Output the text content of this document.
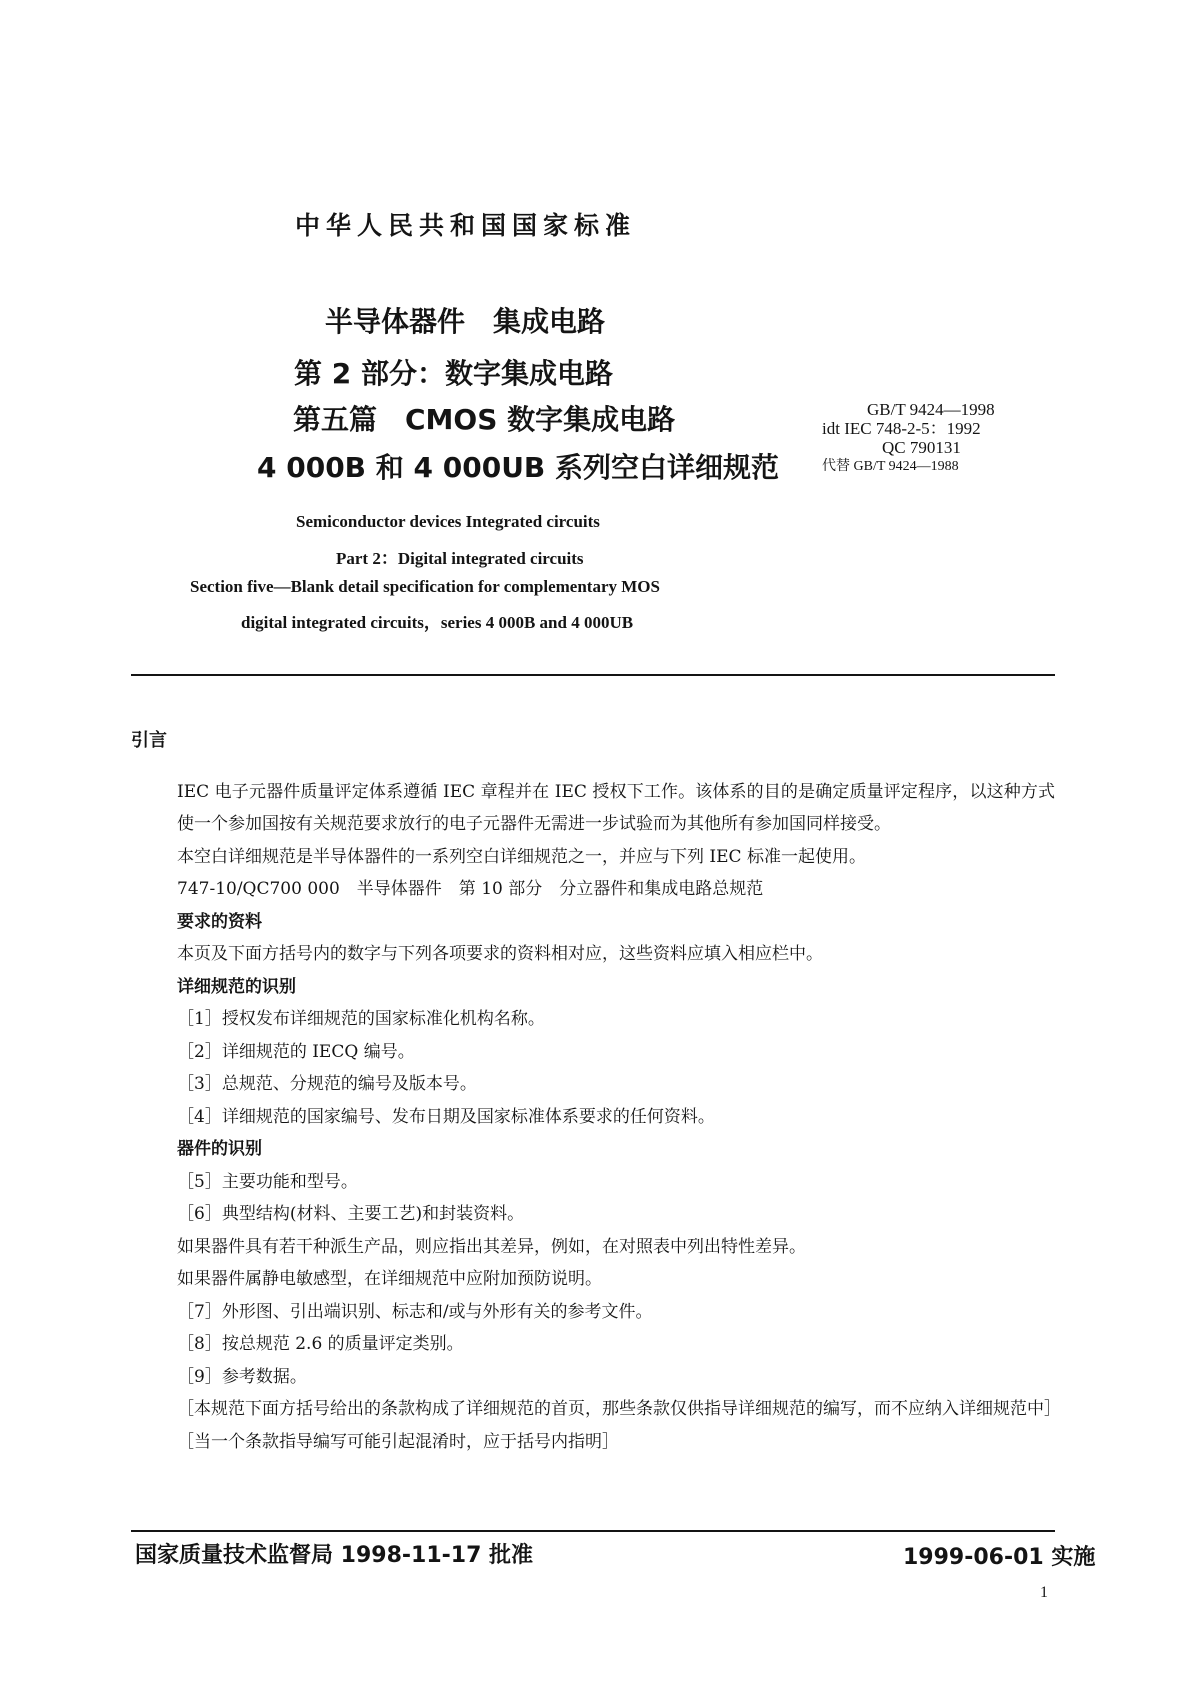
中华人民共和国国家标准
半导体器件　集成电路
第 2 部分：数字集成电路
第五篇　CMOS 数字集成电路
4 000B 和 4 000UB 系列空白详细规范
GB/T 9424—1998
idt IEC 748-2-5：1992
QC 790131
代替 GB/T 9424—1988
Semiconductor devices Integrated circuits
Part 2：Digital integrated circuits
Section five—Blank detail specification for complementary MOS
digital integrated circuits，series 4 000B and 4 000UB

引言

IEC 电子元器件质量评定体系遵循 IEC 章程并在 IEC 授权下工作。该体系的目的是确定质量评定程序，以这种方式使一个参加国按有关规范要求放行的电子元器件无需进一步试验而为其他所有参加国同样接受。

本空白详细规范是半导体器件的一系列空白详细规范之一，并应与下列 IEC 标准一起使用。

747-10/QC700 000　半导体器件　第 10 部分　分立器件和集成电路总规范

要求的资料

本页及下面方括号内的数字与下列各项要求的资料相对应，这些资料应填入相应栏中。

详细规范的识别

［1］授权发布详细规范的国家标准化机构名称。

［2］详细规范的 IECQ 编号。

［3］总规范、分规范的编号及版本号。

［4］详细规范的国家编号、发布日期及国家标准体系要求的任何资料。

器件的识别

［5］主要功能和型号。

［6］典型结构(材料、主要工艺)和封装资料。

如果器件具有若干种派生产品，则应指出其差异，例如，在对照表中列出特性差异。

如果器件属静电敏感型，在详细规范中应附加预防说明。

［7］外形图、引出端识别、标志和/或与外形有关的参考文件。

［8］按总规范 2.6 的质量评定类别。

［9］参考数据。

［本规范下面方括号给出的条款构成了详细规范的首页，那些条款仅供指导详细规范的编写，而不应纳入详细规范中］

［当一个条款指导编写可能引起混淆时，应于括号内指明］

国家质量技术监督局 1998-11-17 批准	1999-06-01 实施
1
